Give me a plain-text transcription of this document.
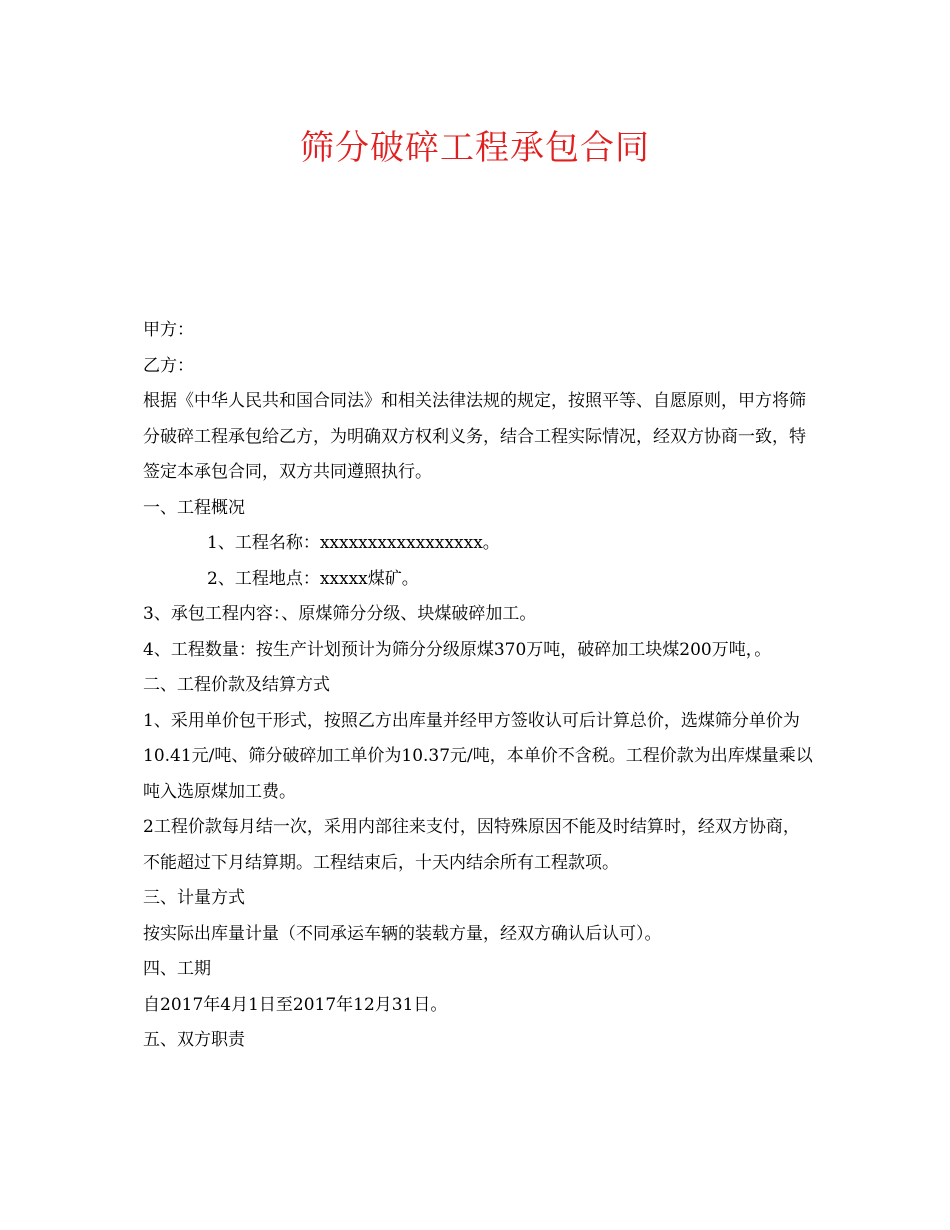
筛分破碎工程承包合同

甲方：

乙方：

根据《中华人民共和国合同法》和相关法律法规的规定，按照平等、自愿原则，甲方将筛分破碎工程承包给乙方，为明确双方权利义务，结合工程实际情况，经双方协商一致，特签定本承包合同，双方共同遵照执行。

一、工程概况

1、工程名称：xxxxxxxxxxxxxxxxx。

2、工程地点：xxxxx煤矿。

3、承包工程内容：、原煤筛分分级、块煤破碎加工。

4、工程数量：按生产计划预计为筛分分级原煤370万吨，破碎加工块煤200万吨，。

二、工程价款及结算方式

1、采用单价包干形式，按照乙方出库量并经甲方签收认可后计算总价，选煤筛分单价为10.41元/吨、筛分破碎加工单价为10.37元/吨，本单价不含税。工程价款为出库煤量乘以吨入选原煤加工费。

2工程价款每月结一次，采用内部往来支付，因特殊原因不能及时结算时，经双方协商，不能超过下月结算期。工程结束后，十天内结余所有工程款项。

三、计量方式

按实际出库量计量（不同承运车辆的装载方量，经双方确认后认可）。

四、工期

自2017年4月1日至2017年12月31日。

五、双方职责
